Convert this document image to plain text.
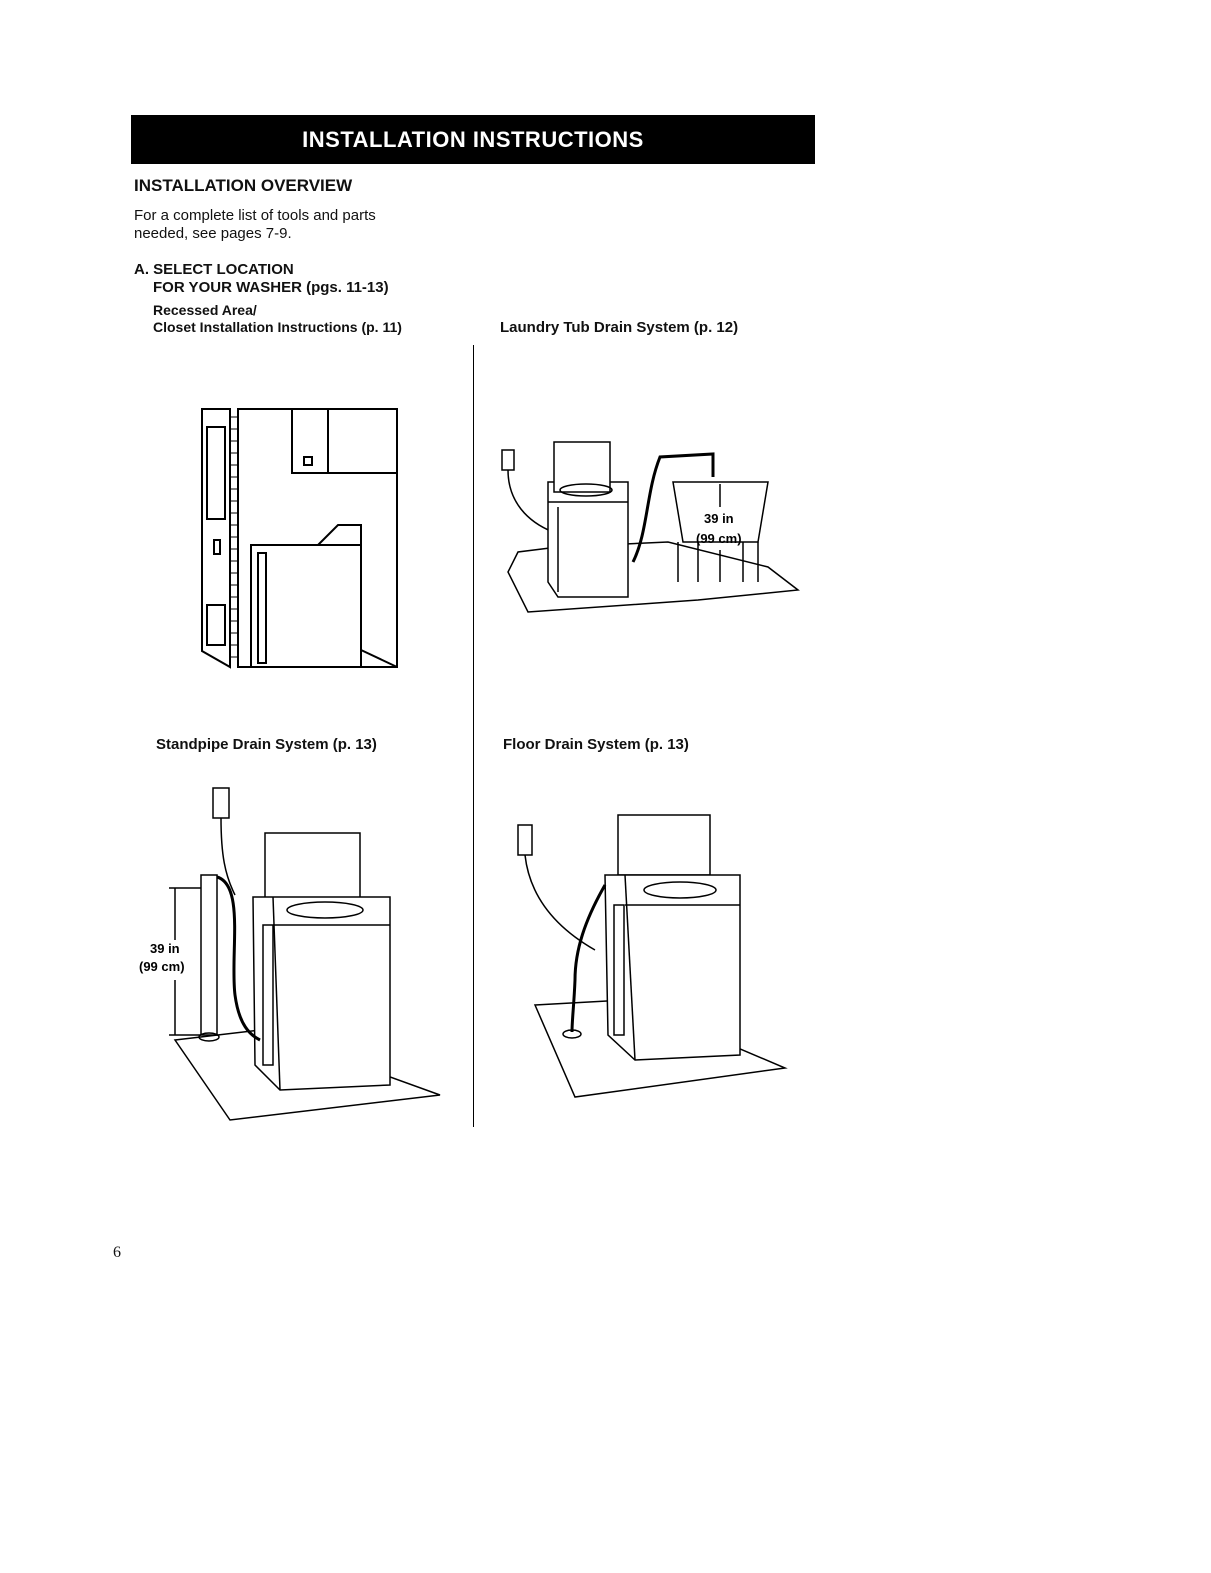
INSTALLATION INSTRUCTIONS
INSTALLATION OVERVIEW
For a complete list of tools and parts
needed, see pages 7-9.
A. SELECT LOCATION
FOR YOUR WASHER (pgs. 11-13)
Recessed Area/
Closet Installation Instructions (p. 11)	Laundry Tub Drain System (p. 12)
Standpipe Drain System (p. 13)	Floor Drain System (p. 13)
39 in
(99 cm)
39 in
(99 cm)
6
